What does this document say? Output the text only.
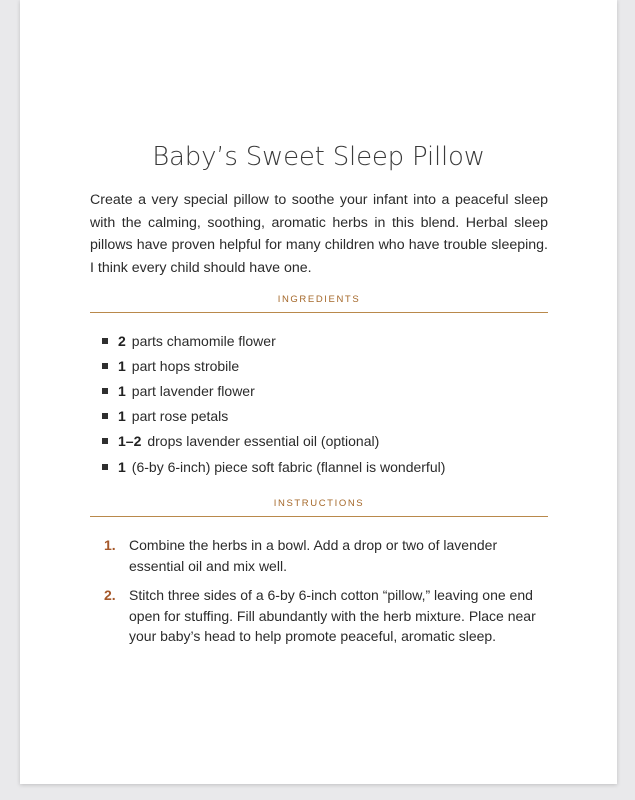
Baby’s Sweet Sleep Pillow

Create a very special pillow to soothe your infant into a peaceful sleep with the calming, soothing, aromatic herbs in this blend. Herbal sleep pillows have proven helpful for many children who have trouble sleeping. I think every child should have one.

INGREDIENTS
2 parts chamomile flower
1 part hops strobile
1 part lavender flower
1 part rose petals
1–2 drops lavender essential oil (optional)
1 (6-by 6-inch) piece soft fabric (flannel is wonderful)
INSTRUCTIONS
1. Combine the herbs in a bowl. Add a drop or two of lavender essential oil and mix well.
2. Stitch three sides of a 6-by 6-inch cotton “pillow,” leaving one end open for stuffing. Fill abundantly with the herb mixture. Place near your baby’s head to help promote peaceful, aromatic sleep.
